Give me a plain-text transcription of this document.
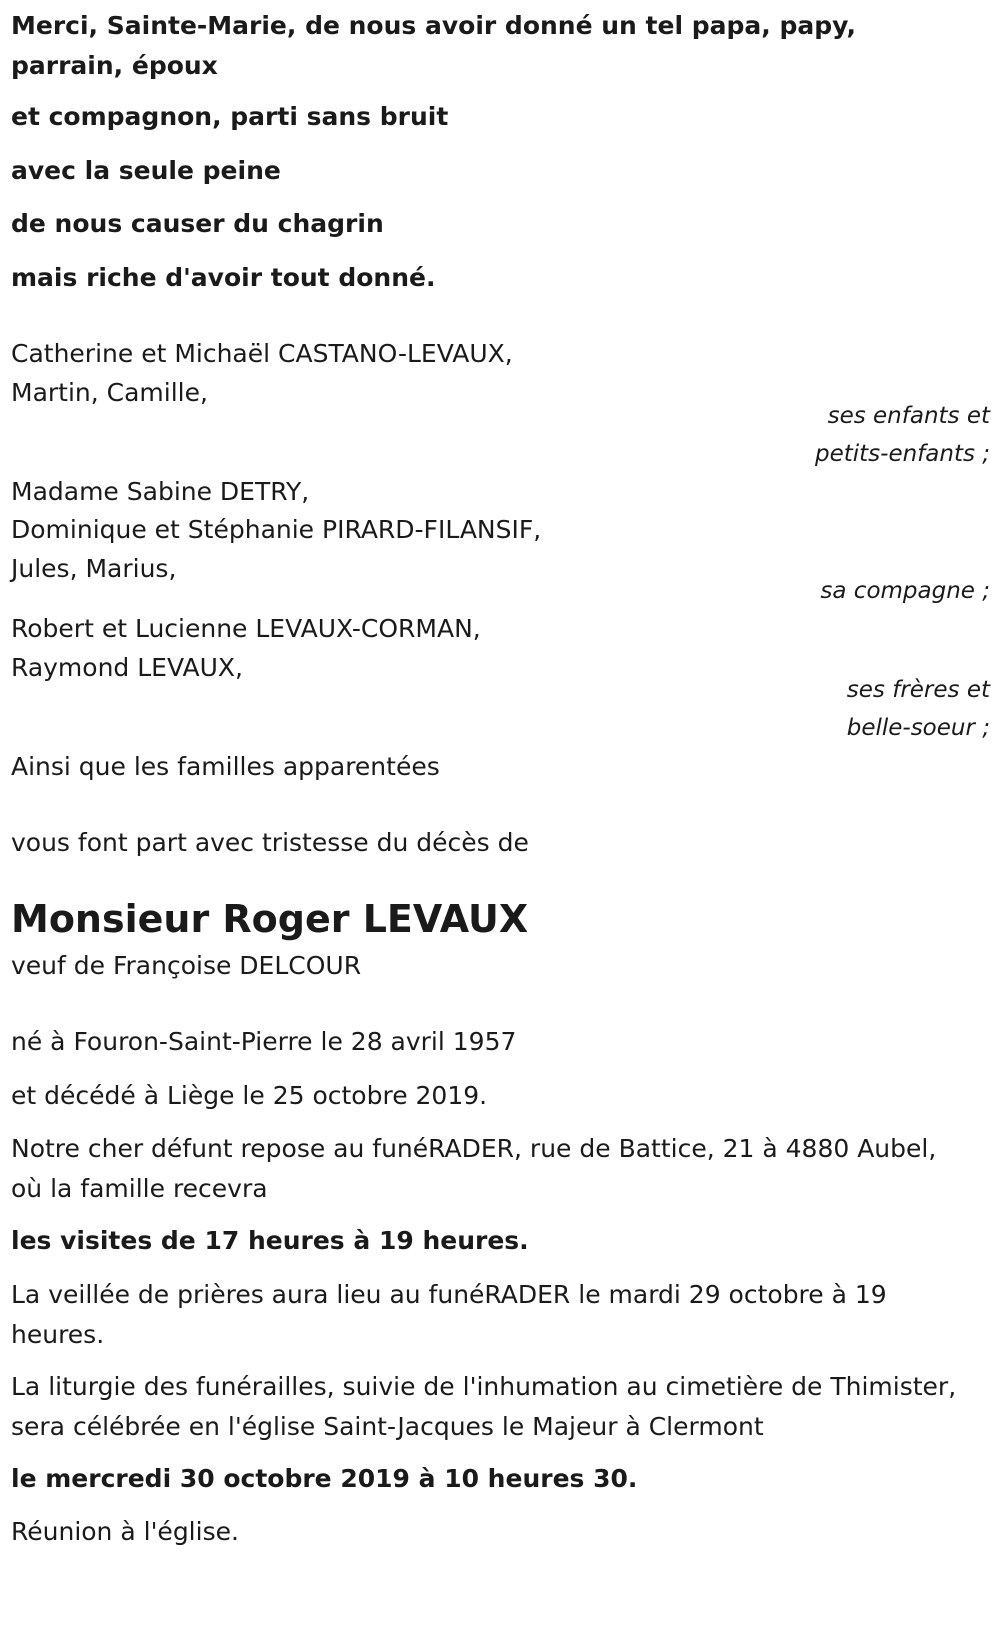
Merci, Sainte-Marie, de nous avoir donné un tel papa, papy, parrain, époux
et compagnon, parti sans bruit
avec la seule peine
de nous causer du chagrin
mais riche d'avoir tout donné.
Catherine et Michaël CASTANO-LEVAUX,
Martin, Camille,
ses enfants et
petits-enfants ;
Madame Sabine DETRY,
Dominique et Stéphanie PIRARD-FILANSIF,
Jules, Marius,
sa compagne ;
Robert et Lucienne LEVAUX-CORMAN,
Raymond LEVAUX,
ses frères et
belle-soeur ;
Ainsi que les familles apparentées
vous font part avec tristesse du décès de
Monsieur Roger LEVAUX
veuf de Françoise DELCOUR
né à Fouron-Saint-Pierre le 28 avril 1957
et décédé à Liège le 25 octobre 2019.
Notre cher défunt repose au funéRADER, rue de Battice, 21 à 4880 Aubel, où la famille recevra
les visites de 17 heures à 19 heures.
La veillée de prières aura lieu au funéRADER le mardi 29 octobre à 19 heures.
La liturgie des funérailles, suivie de l'inhumation au cimetière de Thimister, sera célébrée en l'église Saint-Jacques le Majeur à Clermont
le mercredi 30 octobre 2019 à 10 heures 30.
Réunion à l'église.
